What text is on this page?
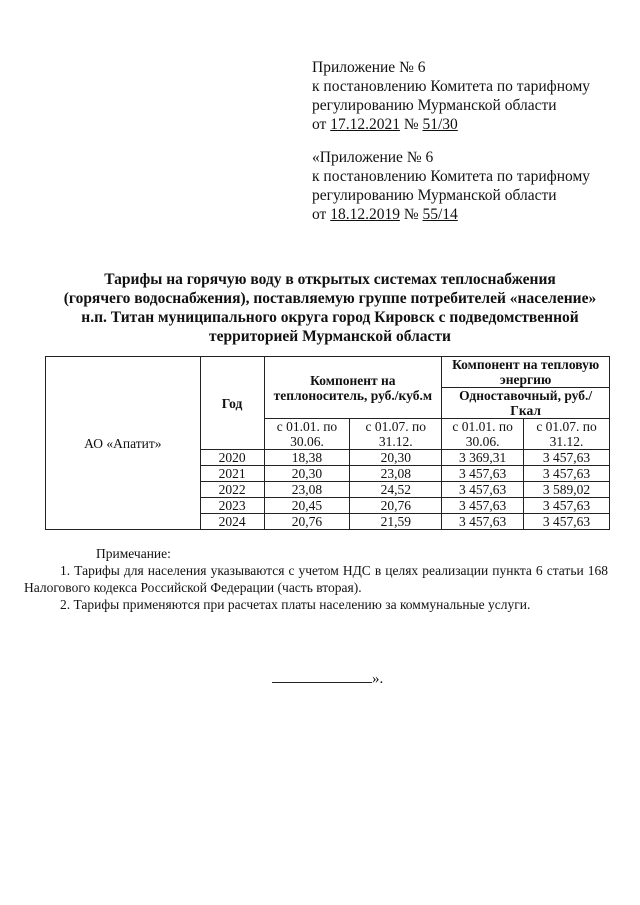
Приложение № 6
к постановлению Комитета по тарифному
регулированию Мурманской области
от 17.12.2021 № 51/30
«Приложение № 6
к постановлению Комитета по тарифному
регулированию Мурманской области
от 18.12.2019 № 55/14
Тарифы на горячую воду в открытых системах теплоснабжения
(горячего водоснабжения), поставляемую группе потребителей «население»
н.п. Титан муниципального округа город Кировск с подведомственной
территорией Мурманской области
АО «Апатит»	Год	Компонент на теплоноситель, руб./куб.м		Компонент на тепловую энергию	
				Одноставочный, руб./Гкал	

		с 01.01. по 30.06.	с 01.07. по 31.12.	с 01.01. по 30.06.	с 01.07. по 31.12.
	2020	18,38	20,30	3 369,31	3 457,63
	2021	20,30	23,08	3 457,63	3 457,63
	2022	23,08	24,52	3 457,63	3 589,02
	2023	20,45	20,76	3 457,63	3 457,63
	2024	20,76	21,59	3 457,63	3 457,63
Примечание:
1. Тарифы для населения указываются с учетом НДС в целях реализации пункта 6 статьи 168 Налогового кодекса Российской Федерации (часть вторая).
2. Тарифы применяются при расчетах платы населению за коммунальные услуги.
».
